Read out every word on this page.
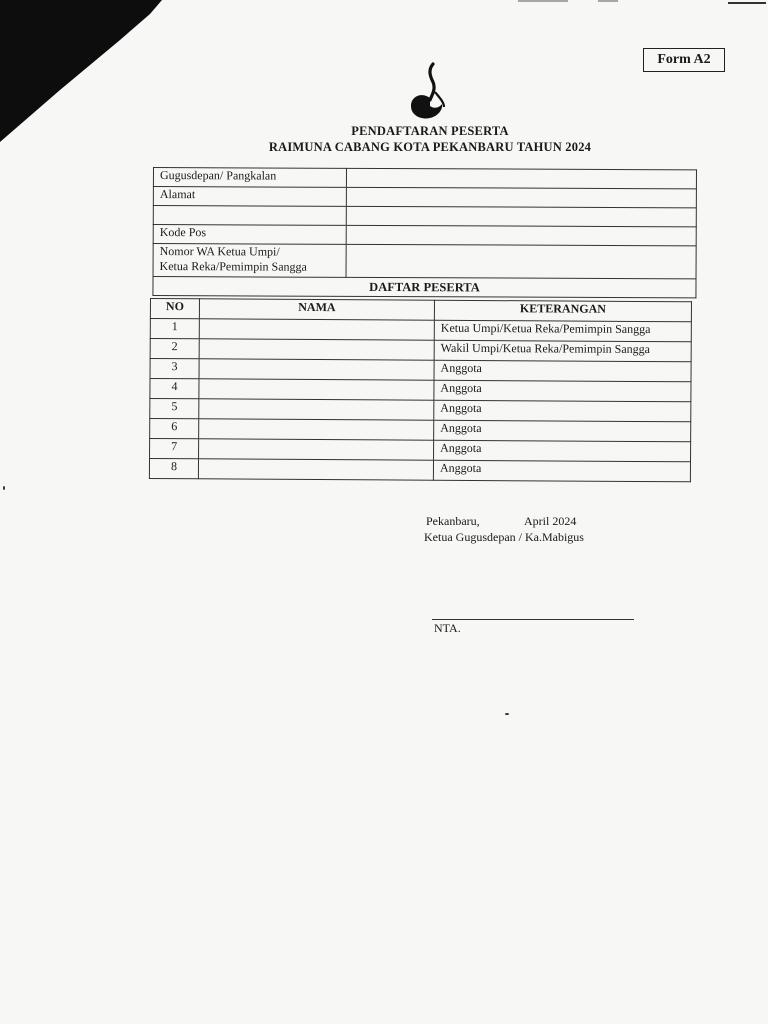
Form A2
PENDAFTARAN PESERTA
RAIMUNA CABANG KOTA PEKANBARU TAHUN 2024
Gugusdepan/ Pangkalan	
Alamat	

Kode Pos	

Nomor WA Ketua Umpi/
Ketua Reka/Pemimpin Sangga	

DAFTAR PESERTA	
NO	NAMA	KETERANGAN
1		Ketua Umpi/Ketua Reka/Pemimpin Sangga
2		Wakil Umpi/Ketua Reka/Pemimpin Sangga
3		Anggota
4		Anggota
5		Anggota
6		Anggota
7		Anggota
8		Anggota
Pekanbaru,	April 2024
Ketua Gugusdepan / Ka.Mabigus
NTA.
